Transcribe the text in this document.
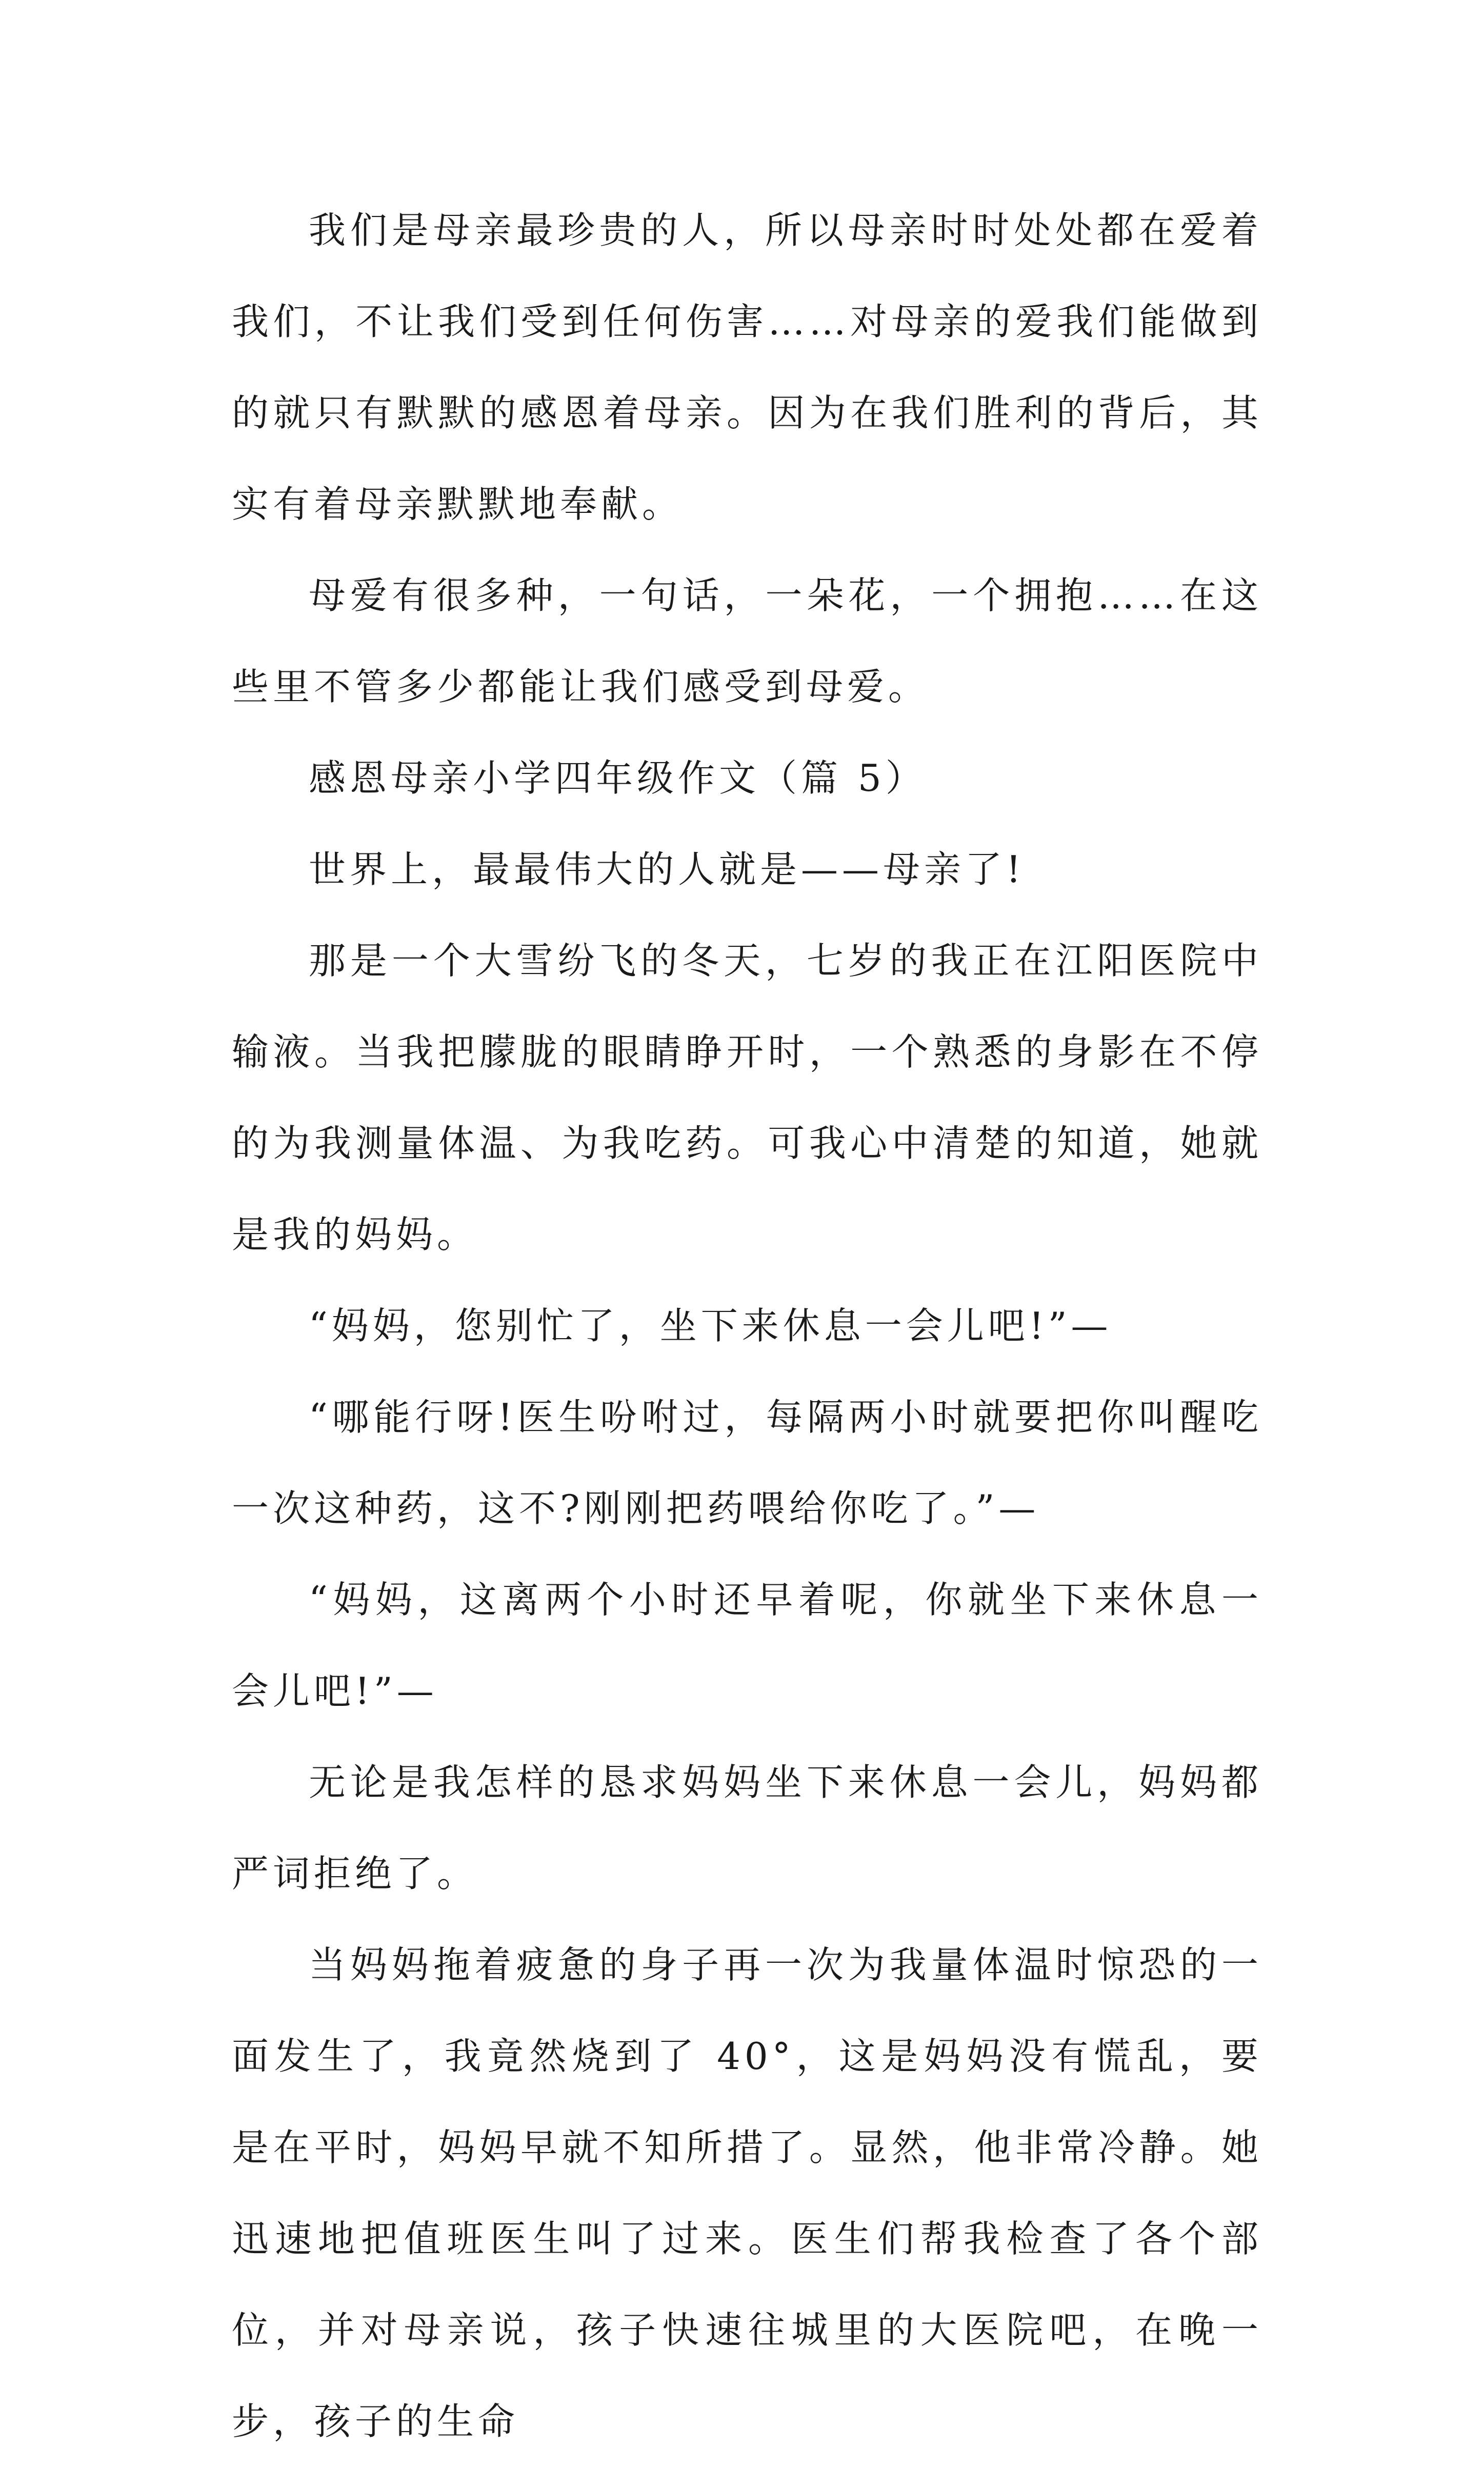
我们是母亲最珍贵的人，所以母亲时时处处都在爱着我们，不让我们受到任何伤害……对母亲的爱我们能做到的就只有默默的感恩着母亲。因为在我们胜利的背后，其实有着母亲默默地奉献。

母爱有很多种，一句话，一朵花，一个拥抱……在这些里不管多少都能让我们感受到母爱。

感恩母亲小学四年级作文（篇 5）

世界上，最最伟大的人就是——母亲了!

那是一个大雪纷飞的冬天，七岁的我正在江阳医院中输液。当我把朦胧的眼睛睁开时，一个熟悉的身影在不停的为我测量体温、为我吃药。可我心中清楚的知道，她就是我的妈妈。

“妈妈，您别忙了，坐下来休息一会儿吧!”—

“哪能行呀!医生吩咐过，每隔两小时就要把你叫醒吃一次这种药，这不?刚刚把药喂给你吃了。”—

“妈妈，这离两个小时还早着呢，你就坐下来休息一会儿吧!”—

无论是我怎样的恳求妈妈坐下来休息一会儿，妈妈都严词拒绝了。

当妈妈拖着疲惫的身子再一次为我量体温时惊恐的一面发生了，我竟然烧到了 40°，这是妈妈没有慌乱，要是在平时，妈妈早就不知所措了。显然，他非常冷静。她迅速地把值班医生叫了过来。医生们帮我检查了各个部位，并对母亲说，孩子快速往城里的大医院吧，在晚一步，孩子的生命
